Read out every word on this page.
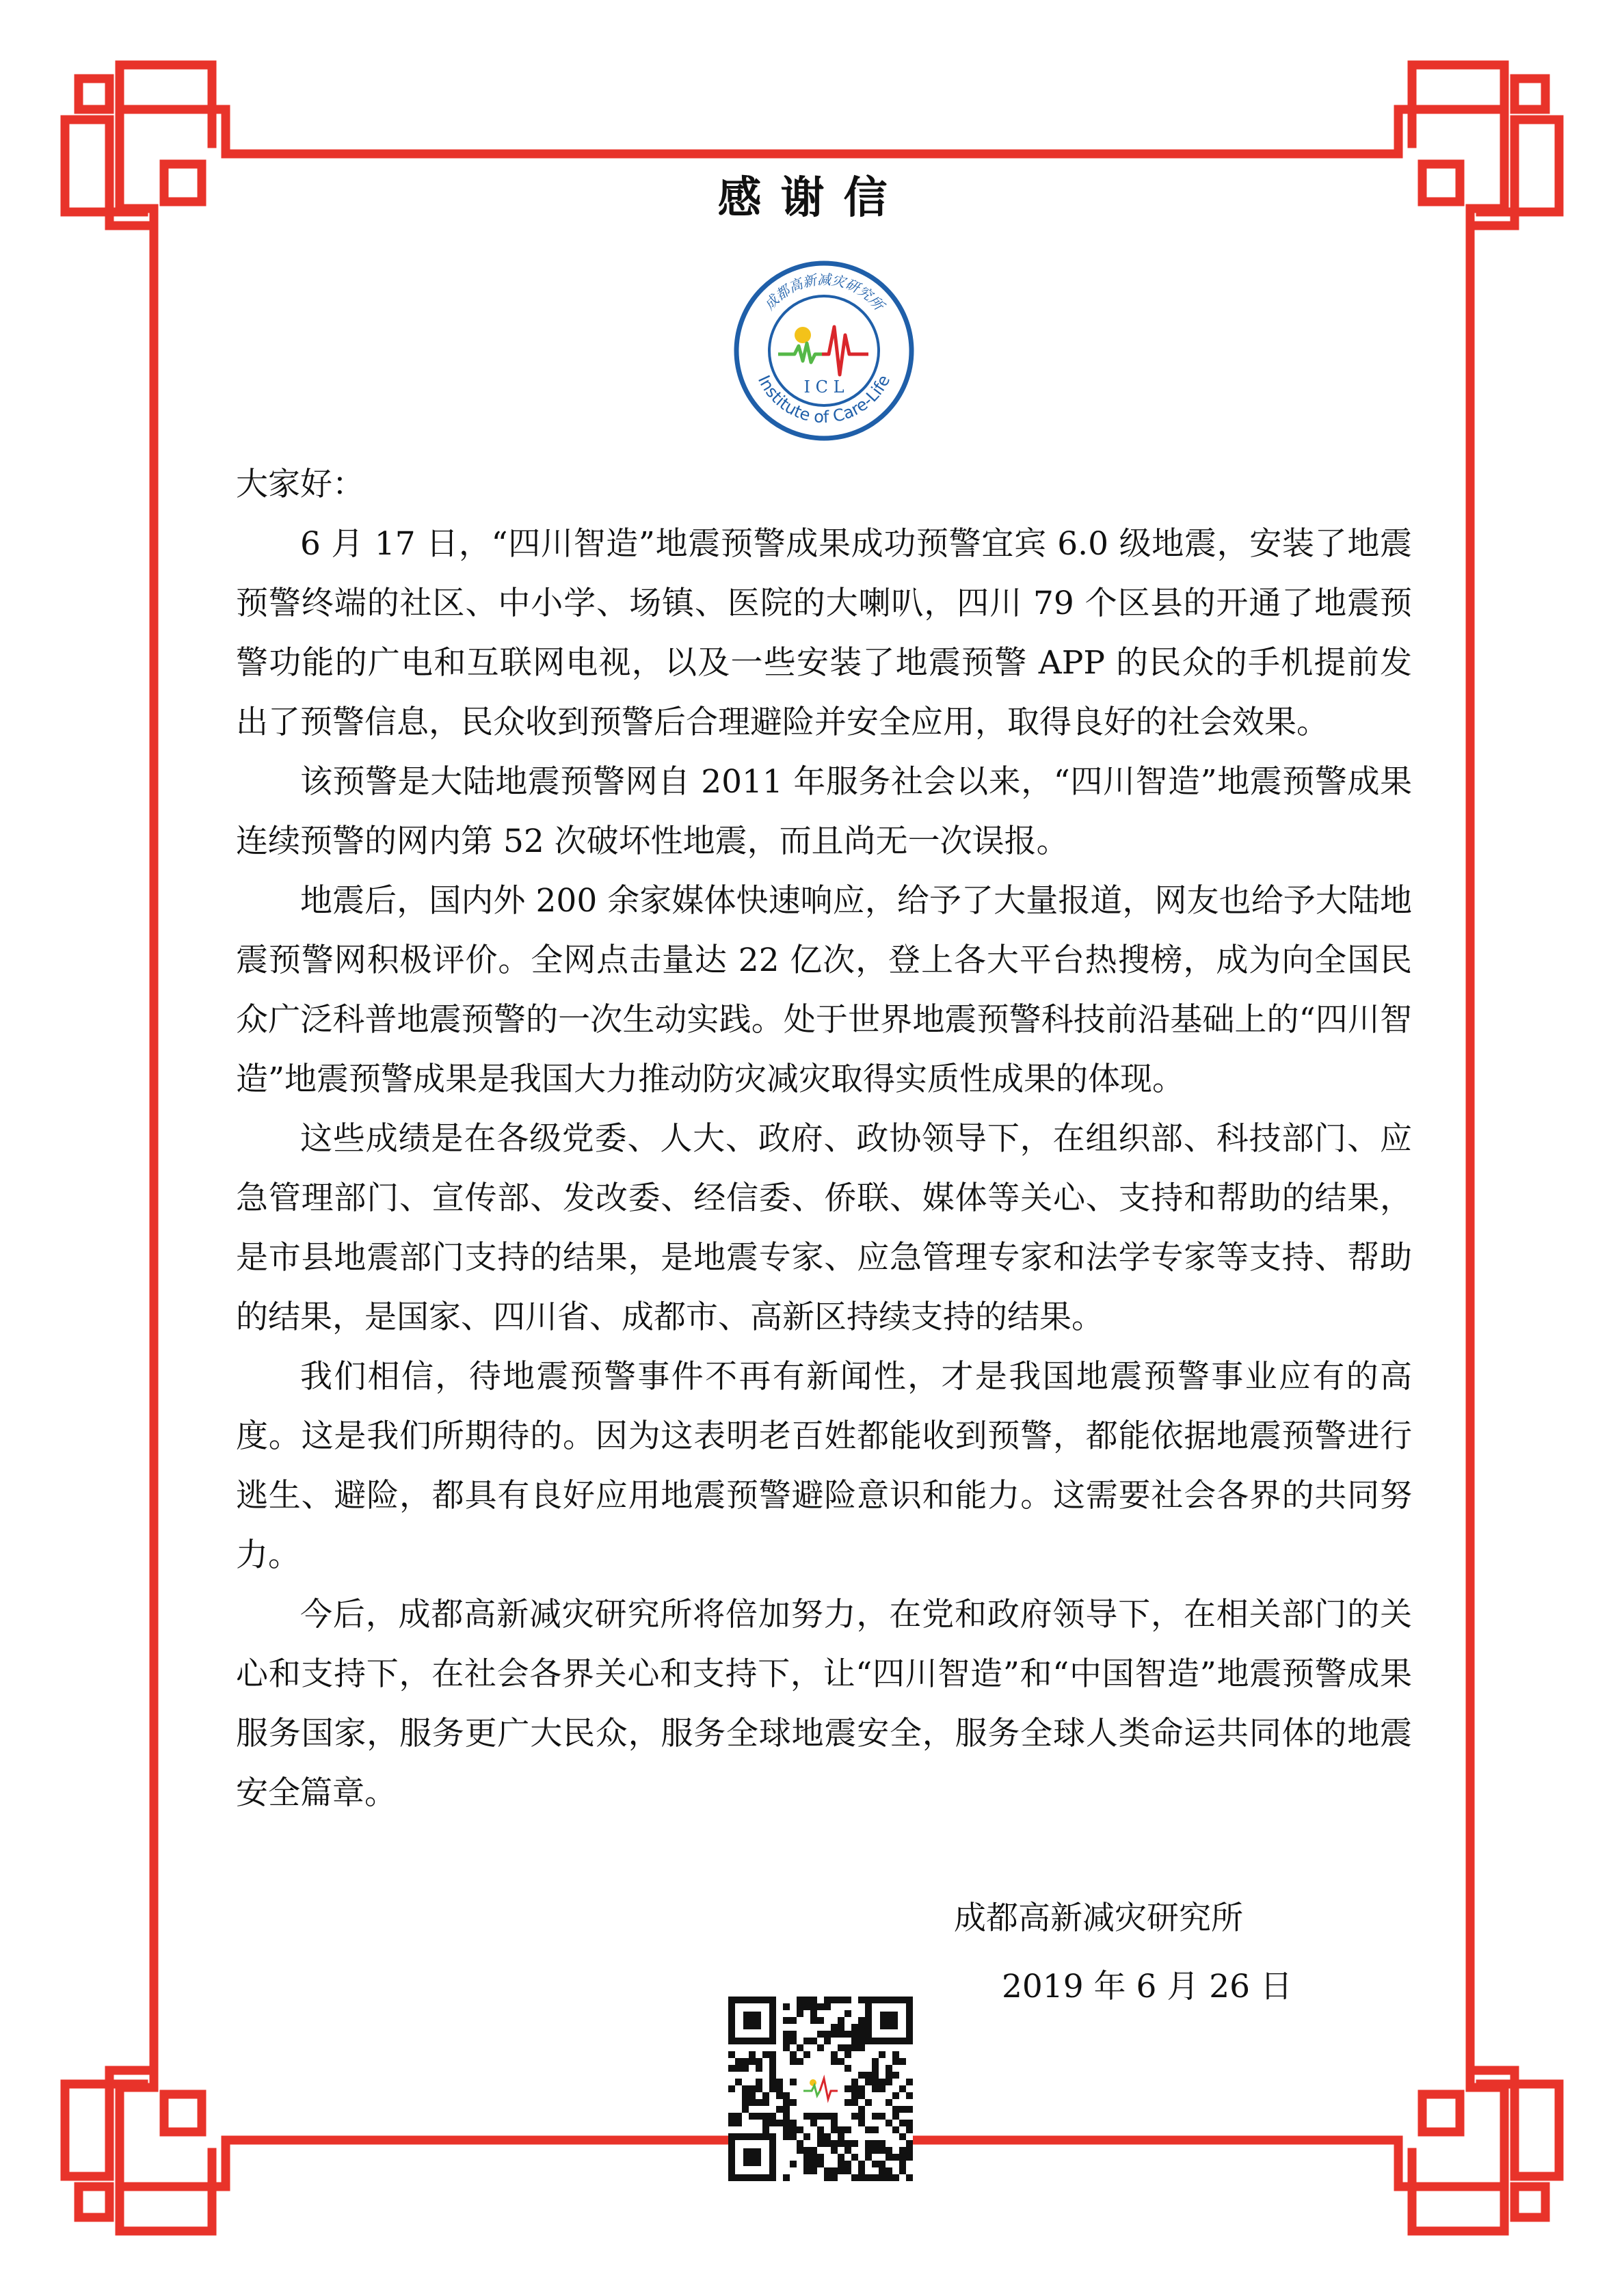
感谢信
Institute of Care-Life
成都高新减灾研究所
I C L

大家好：

6 月 17 日，“四川智造”地震预警成果成功预警宜宾 6.0 级地震，安装了地震预警终端的社区、中小学、场镇、医院的大喇叭，四川 79 个区县的开通了地震预警功能的广电和互联网电视，以及一些安装了地震预警 APP 的民众的手机提前发出了预警信息，民众收到预警后合理避险并安全应用，取得良好的社会效果。

该预警是大陆地震预警网自 2011 年服务社会以来，“四川智造”地震预警成果连续预警的网内第 52 次破坏性地震，而且尚无一次误报。

地震后，国内外 200 余家媒体快速响应，给予了大量报道，网友也给予大陆地震预警网积极评价。全网点击量达 22 亿次，登上各大平台热搜榜，成为向全国民众广泛科普地震预警的一次生动实践。处于世界地震预警科技前沿基础上的“四川智造”地震预警成果是我国大力推动防灾减灾取得实质性成果的体现。

这些成绩是在各级党委、人大、政府、政协领导下，在组织部、科技部门、应急管理部门、宣传部、发改委、经信委、侨联、媒体等关心、支持和帮助的结果，是市县地震部门支持的结果，是地震专家、应急管理专家和法学专家等支持、帮助的结果，是国家、四川省、成都市、高新区持续支持的结果。

我们相信，待地震预警事件不再有新闻性，才是我国地震预警事业应有的高度。这是我们所期待的。因为这表明老百姓都能收到预警，都能依据地震预警进行逃生、避险，都具有良好应用地震预警避险意识和能力。这需要社会各界的共同努力。

今后，成都高新减灾研究所将倍加努力，在党和政府领导下，在相关部门的关心和支持下，在社会各界关心和支持下，让“四川智造”和“中国智造”地震预警成果服务国家，服务更广大民众，服务全球地震安全，服务全球人类命运共同体的地震安全篇章。

成都高新减灾研究所
2019 年 6 月 26 日
